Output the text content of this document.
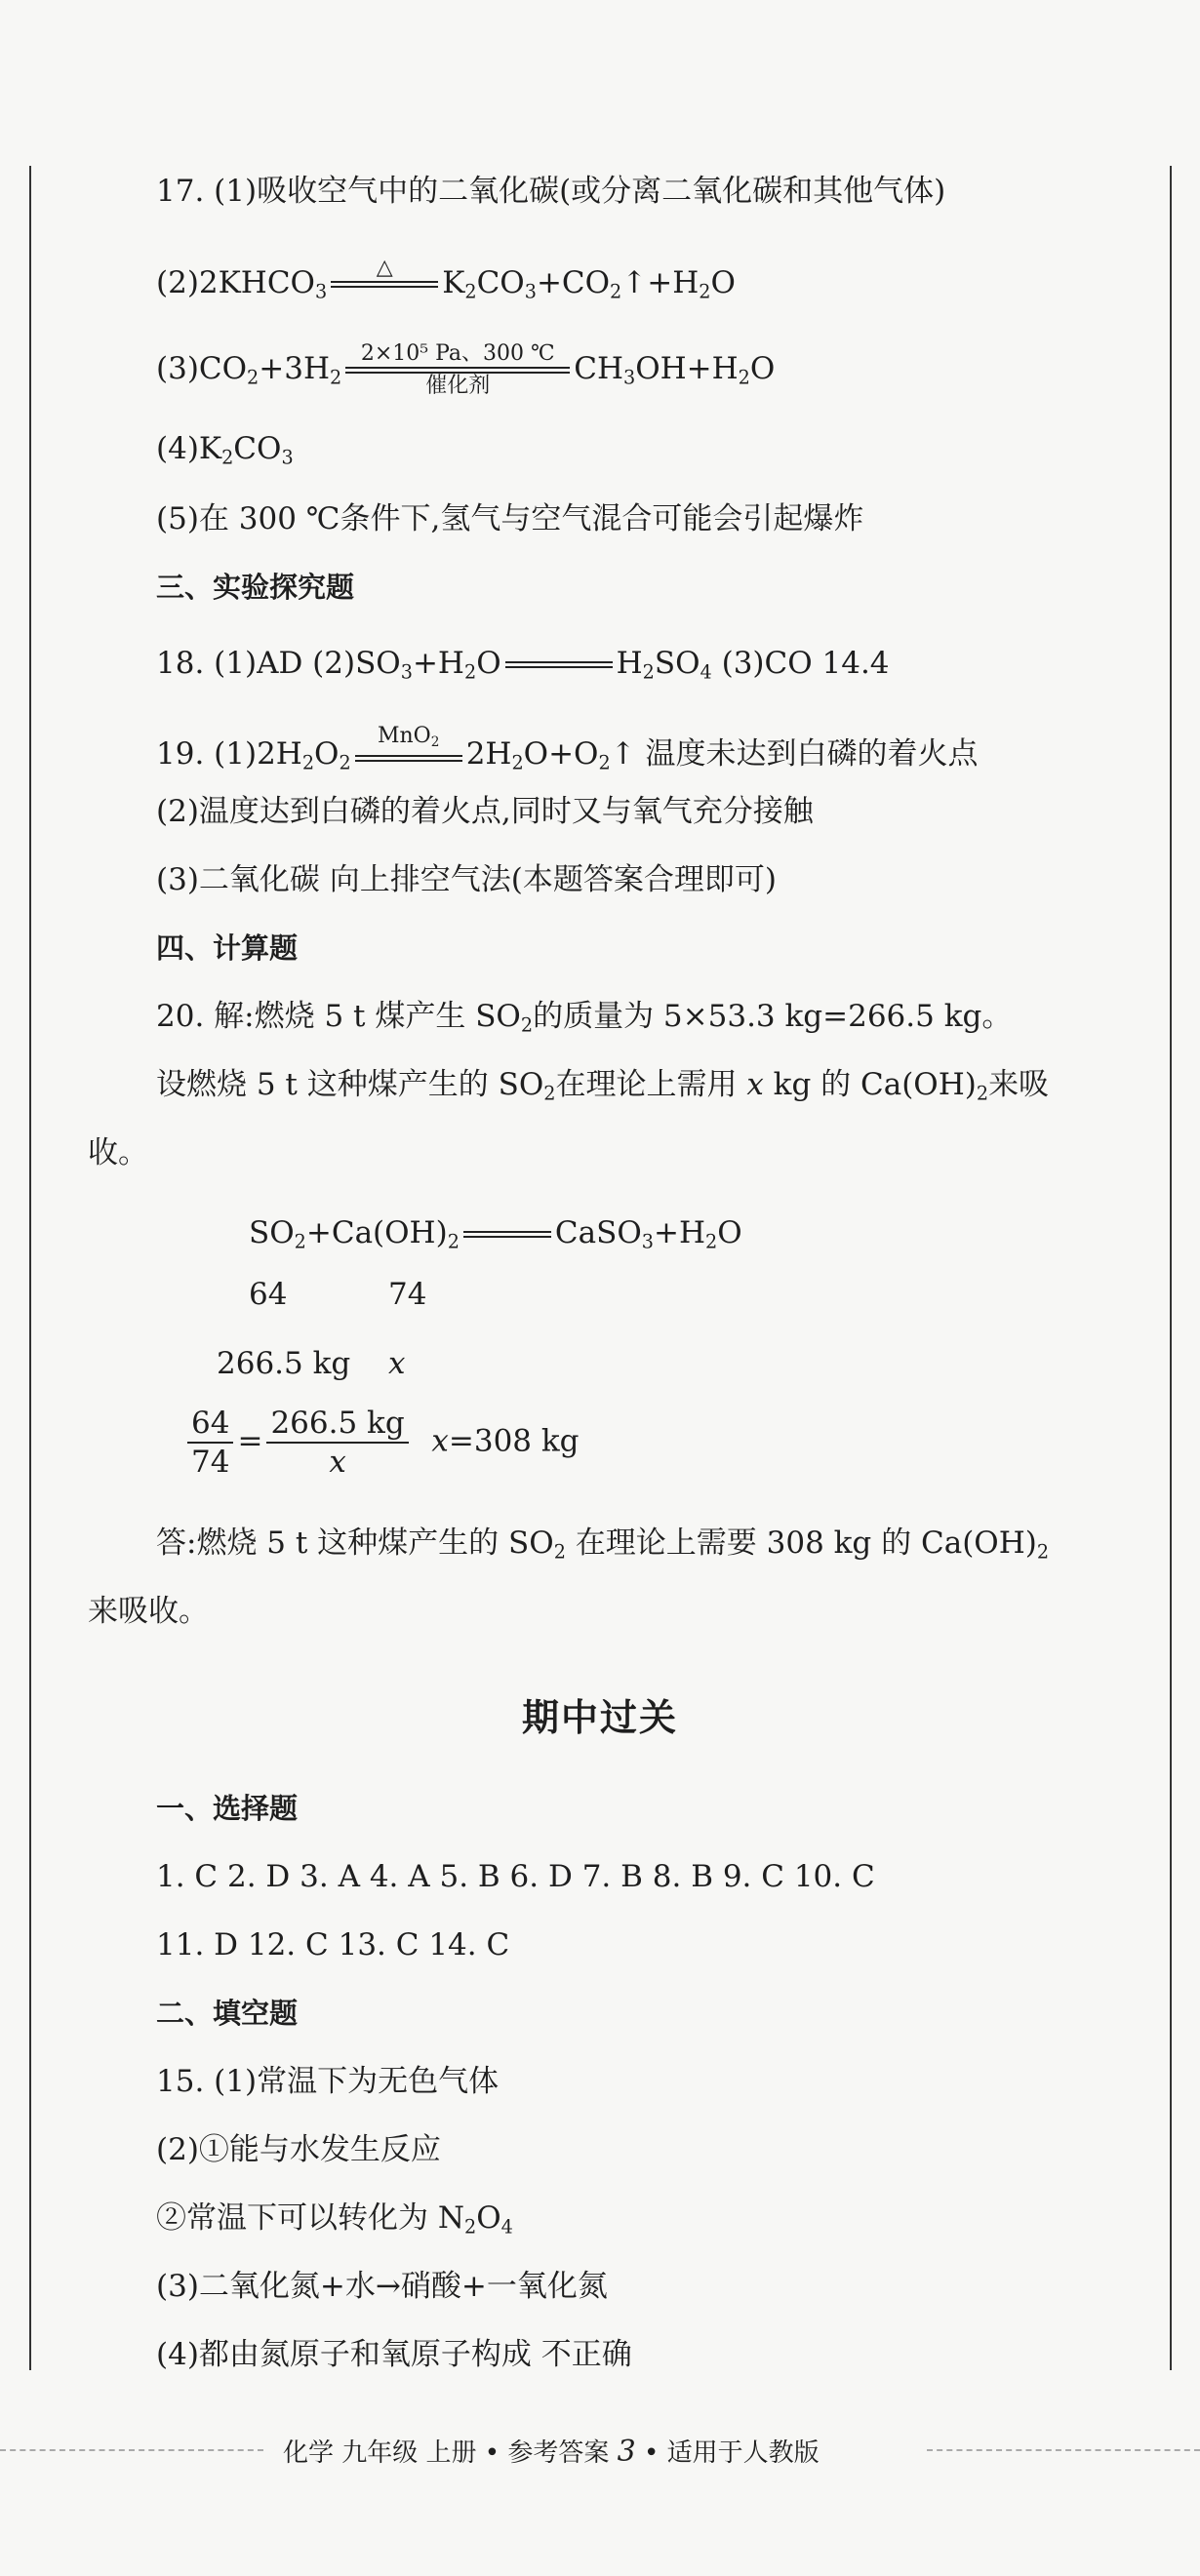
17. (1)吸收空气中的二氧化碳(或分离二氧化碳和其他气体)
$(2)2KHCO_3$
△
	$K_2CO_3+CO_2↑+H_2O$
$(3)CO_2+3H_2$
2×10⁵ Pa、300 ℃
催化剂	$CH_3OH+H_2O$
$(4)K_2CO_3$
(5)在 300 ℃条件下,氢气与空气混合可能会引起爆炸
三、实验探究题
18. (1)AD $(2)SO_3+H_2O$

	$H_2SO_4$ (3)CO 14.4
19. $(1)2H_2O_2$
MnO$_2$
$2H_2O+O_2↑$ 温度未达到白磷的着火点
(2)温度达到白磷的着火点,同时又与氧气充分接触
(3)二氧化碳 向上排空气法(本题答案合理即可)
四、计算题
20. 解:燃烧 5 t 煤产生 $SO_2$的质量为 5×53.3 kg=266.5 kg。
设燃烧 5 t 这种煤产生的 $SO_2$在理论上需用 x kg 的 $Ca(OH)_2$来吸
收。
$SO_2+Ca(OH)_2$

	$CaSO_3+H_2O$
64	74
266.5 kg x
$\frac{64}{74} = \frac{266.5 kg}{x} x=308$ kg
答:燃烧 5 t 这种煤产生的 $SO_2$ 在理论上需要 308 kg 的 $Ca(OH)_2$
来吸收。
期中过关
一、选择题
1. C 2. D 3. A 4. A 5. B 6. D 7. B 8. B 9. C 10. C
11. D 12. C 13. C 14. C
二、填空题
15. (1)常温下为无色气体
(2)①能与水发生反应
②常温下可以转化为 $N_2O_4$
(3)二氧化氮+水→硝酸+一氧化氮
(4)都由氮原子和氧原子构成 不正确
化学 九年级 上册 • 参考答案 3 • 适用于人教版
